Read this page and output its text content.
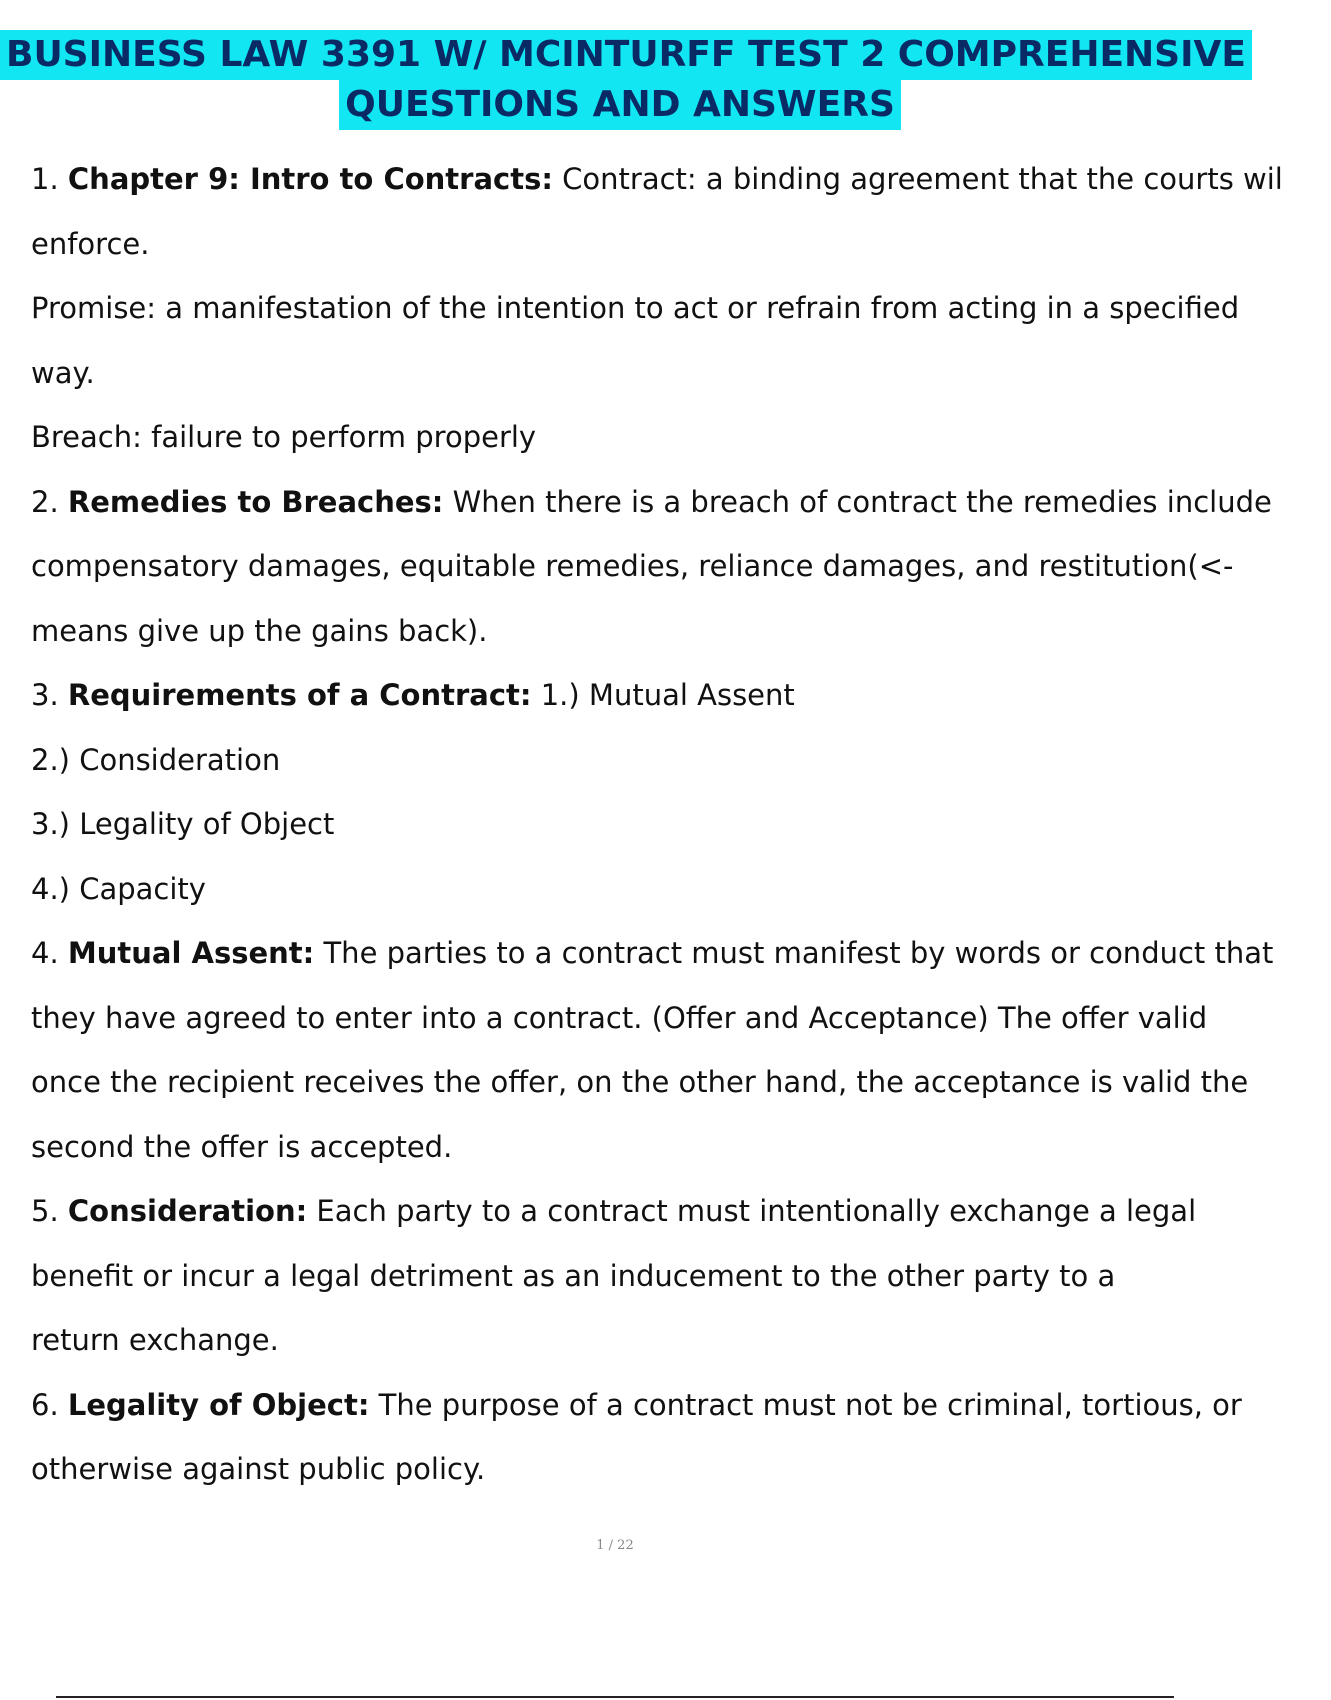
BUSINESS LAW 3391 W/ MCINTURFF TEST 2 COMPREHENSIVE
QUESTIONS AND ANSWERS
1. Chapter 9: Intro to Contracts: Contract: a binding agreement that the courts wil
enforce.
Promise: a manifestation of the intention to act or refrain from acting in a specified
way.
Breach: failure to perform properly
2. Remedies to Breaches: When there is a breach of contract the remedies include
compensatory damages, equitable remedies, reliance damages, and restitution(<-
means give up the gains back).
3. Requirements of a Contract: 1.) Mutual Assent
2.) Consideration
3.) Legality of Object
4.) Capacity
4. Mutual Assent: The parties to a contract must manifest by words or conduct that
they have agreed to enter into a contract. (Offer and Acceptance) The offer valid
once the recipient receives the offer, on the other hand, the acceptance is valid the
second the offer is accepted.
5. Consideration: Each party to a contract must intentionally exchange a legal
benefit or incur a legal detriment as an inducement to the other party to a
return exchange.
6. Legality of Object: The purpose of a contract must not be criminal, tortious, or
otherwise against public policy.
1 / 22
